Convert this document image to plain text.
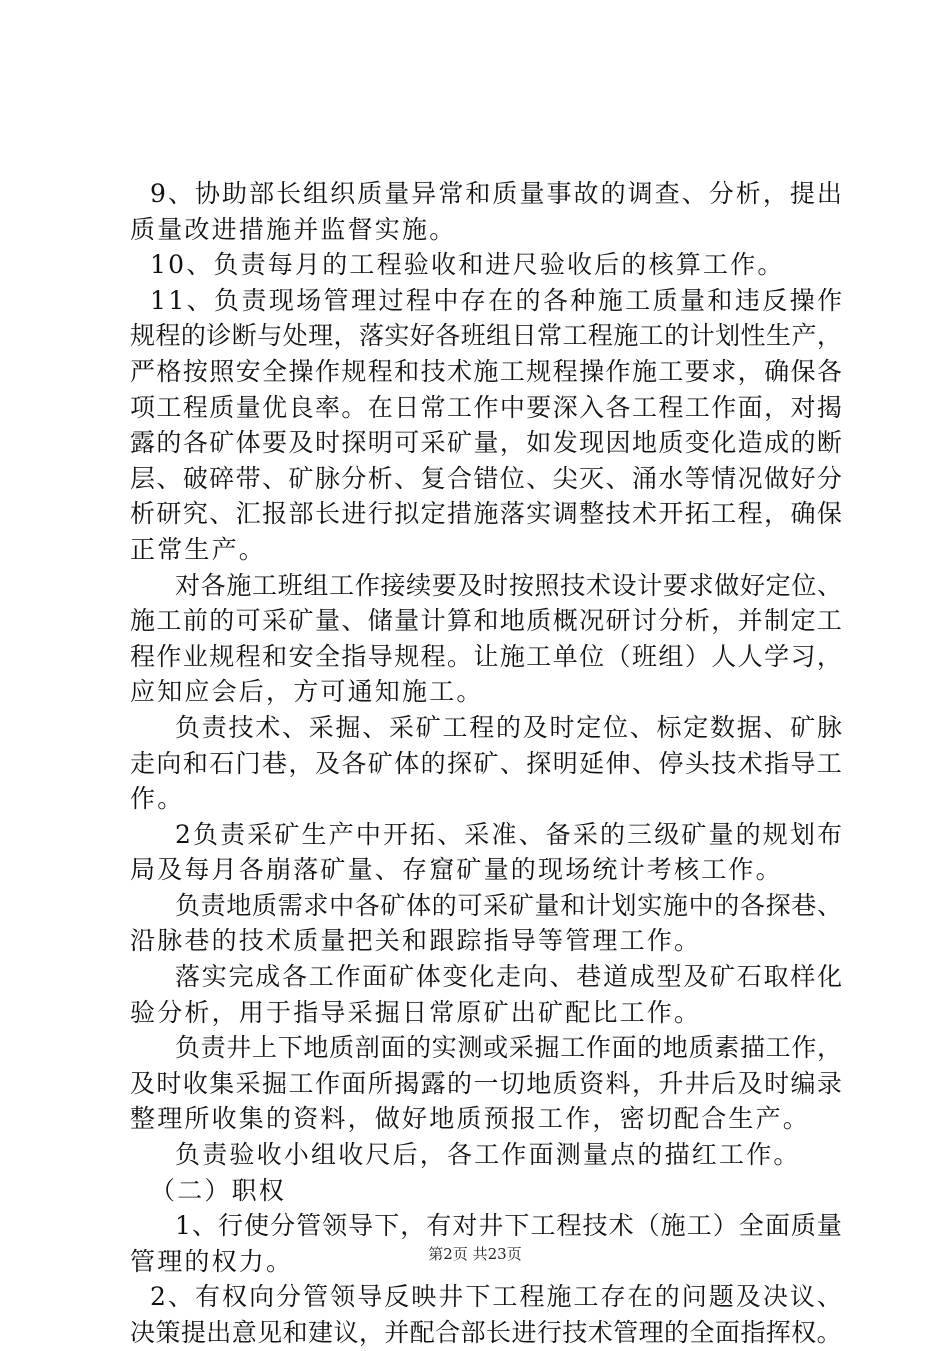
9、协助部长组织质量异常和质量事故的调查、分析，提出
质量改进措施并监督实施。
10、负责每月的工程验收和进尺验收后的核算工作。
11、负责现场管理过程中存在的各种施工质量和违反操作
规程的诊断与处理，落实好各班组日常工程施工的计划性生产，
严格按照安全操作规程和技术施工规程操作施工要求，确保各
项工程质量优良率。在日常工作中要深入各工程工作面，对揭
露的各矿体要及时探明可采矿量，如发现因地质变化造成的断
层、破碎带、矿脉分析、复合错位、尖灭、涌水等情况做好分
析研究、汇报部长进行拟定措施落实调整技术开拓工程，确保
正常生产。
对各施工班组工作接续要及时按照技术设计要求做好定位、
施工前的可采矿量、储量计算和地质概况研讨分析，并制定工
程作业规程和安全指导规程。让施工单位（班组）人人学习，
应知应会后，方可通知施工。
负责技术、采掘、采矿工程的及时定位、标定数据、矿脉
走向和石门巷，及各矿体的探矿、探明延伸、停头技术指导工
作。
2负责采矿生产中开拓、采准、备采的三级矿量的规划布
局及每月各崩落矿量、存窟矿量的现场统计考核工作。
负责地质需求中各矿体的可采矿量和计划实施中的各探巷、
沿脉巷的技术质量把关和跟踪指导等管理工作。
落实完成各工作面矿体变化走向、巷道成型及矿石取样化
验分析，用于指导采掘日常原矿出矿配比工作。
负责井上下地质剖面的实测或采掘工作面的地质素描工作，
及时收集采掘工作面所揭露的一切地质资料，升井后及时编录
整理所收集的资料，做好地质预报工作，密切配合生产。
负责验收小组收尺后，各工作面测量点的描红工作。
（二）职权
1、行使分管领导下，有对井下工程技术（施工）全面质量
管理的权力。
2、有权向分管领导反映井下工程施工存在的问题及决议、
决策提出意见和建议，并配合部长进行技术管理的全面指挥权。
第2页 共23页
